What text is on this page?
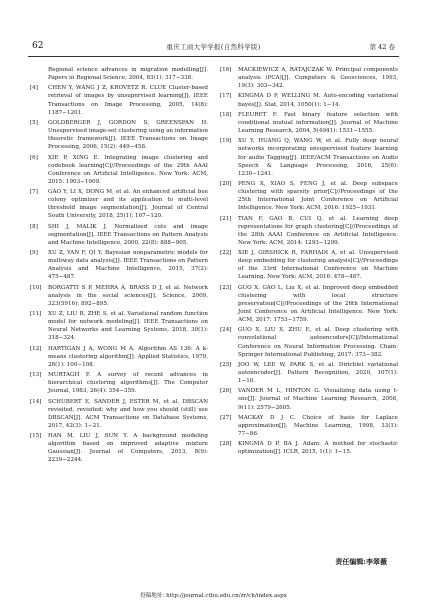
62	重庆工商大学学报(自然科学版)	第 42 卷
Regional science advances in migration modelling[J]. Papers in Regional Science, 2004, 83(1): 317−338.
[4] CHEN Y, WANG J Z, KROVETZ R. CLUE Cluster-based retrieval of images by unsupervised learning[J]. IEEE Transactions on Image Processing, 2005, 14(8): 1187−1201.
[5] GOLDBERGER J, GORDON S, GREENSPAN H. Unsupervised image-set clustering using an information theoretic framework[J]. IEEE Transactions on Image Processing, 2006, 15(2): 449−458.
[6] XIE P, XING E. Integrating image clustering and codebook learning[C]//Proceedings of the 29th AAAI Conference on Artificial Intelligence. New York: ACM, 2015: 1903−1909.
[7] GAO Y, LI X, DONG M, et al. An enhanced artificial bee colony optimizer and its application to multi-level threshold image segmentation[J]. Journal of Central South University, 2018, 25(1): 107−120.
[8] SHI J, MALIK J. Normalized cuts and image segmentation[J]. IEEE Transactions on Pattern Analysis and Machine Intelligence, 2000, 22(8): 888−905.
[9] XU Z, YAN F, QI Y. Bayesian nonparametric models for multiway data analysis[J]. IEEE Transactions on Pattern Analysis and Machine Intelligence, 2015, 37(2): 475−487.
[10] BORGATTI S P, MEHRA A, BRASS D J, et al. Network analysis in the social sciences[J]. Science, 2009, 323(5916): 892−895.
[11] XU Z, LIU B, ZHE S, et al. Variational random function model for network modeling[J]. IEEE Transactions on Neural Networks and Learning Systems, 2018, 30(1): 318−324.
[12] HARTIGAN J A, WONG M A. Algorithm AS 136: A k-means clustering algorithm[J]. Applied Statistics, 1979, 28(1): 100−108.
[13] MURTAGH F. A survey of recent advances in hierarchical clustering algorithms[J]. The Computer Journal, 1983, 26(4): 354−359.
[14] SCHUBERT E, SANDER J, ESTER M, et al. DBSCAN revisited, revisited: why and how you should (still) use DBSCAN[J]. ACM Transactions on Database Systems, 2017, 42(3): 1−21.
[15] HAN M, LIU J, SUN Y. A background modeling algorithm based on improved adaptive mixture Gaussian[J]. Journal of Computers, 2013, 8(9): 2239−2244.
[16] MACKIEWICZ A, RATAJCZAK W. Principal components analysis (PCA)[J]. Computers & Geosciences, 1993, 19(3): 303−342.
[17] KINGMA D P, WELLING M. Auto-encoding variational bayes[J]. Stat, 2014, 1050(1): 1−14.
[18] FLEURET F. Fast binary feature selection with conditional mutual information[J]. Journal of Machine Learning Research, 2004, 5(4941): 1531−1555.
[19] XU Y, HUANG Q, WANG W, et al. Fully deep neural networks incorporating unsupervised feature learning for audio Tagging[J]. IEEE/ACM Transactions on Audio Speech & Language Processing, 2016, 25(6): 1230−1241.
[20] PENG X, XIAO S, FENG J, et al. Deep subspace clustering with sparsity prior[C]//Proceedings of the 25th International Joint Conference on Artificial Intelligence. New York: ACM, 2016: 1925−1931.
[21] TIAN F, GAO B, CUI Q, et al. Learning deep representations for graph clustering[C]//Proceedings of the 28th AAAI Conference on Artificial Intelligence. New York: ACM, 2014: 1293−1299.
[22] XIE J, GIRSHICK R, FARHADI A, et al. Unsupervised deep embedding for clustering analysis[C]//Proceedings of the 33rd International Conference on Machine Learning. New York: ACM, 2016: 478−487.
[23] GUO X, GAO L, Liu X, et al. Improved deep embedded clustering with local structure preservation[C]//Proceedings of the 26th International Joint Conference on Artificial Intelligence. New York: ACM, 2017: 1753−1759.
[24] GUO X, LIU X, ZHU E, et al. Deep clustering with convolutional autoencoders[C]//International Conference on Neural Information Processing. Cham: Springer International Publishing, 2017: 373−382.
[25] JOO W, LEE W, PARK S, et al. Dirichlet variational autoencoder[J]. Pattern Recognition, 2020, 107(1): 1−10.
[26] VANDER M L, HINTON G. Visualizing data using t-sne[J]. Journal of Machine Learning Research, 2008, 9(11): 2579−2605.
[27] MACKAY D J C. Choice of basis for Laplace approximation[J]. Machine Learning, 1998, 33(1): 77−86.
[28] KINGMA D P, BA J. Adam: A method for stochastic optimization[J]. ICLR, 2015, 1(1): 1−15.
责任编辑:李翠薇
投稿地址: http://journal.ctbu.edu.cn/zr/ch/index.aspx
